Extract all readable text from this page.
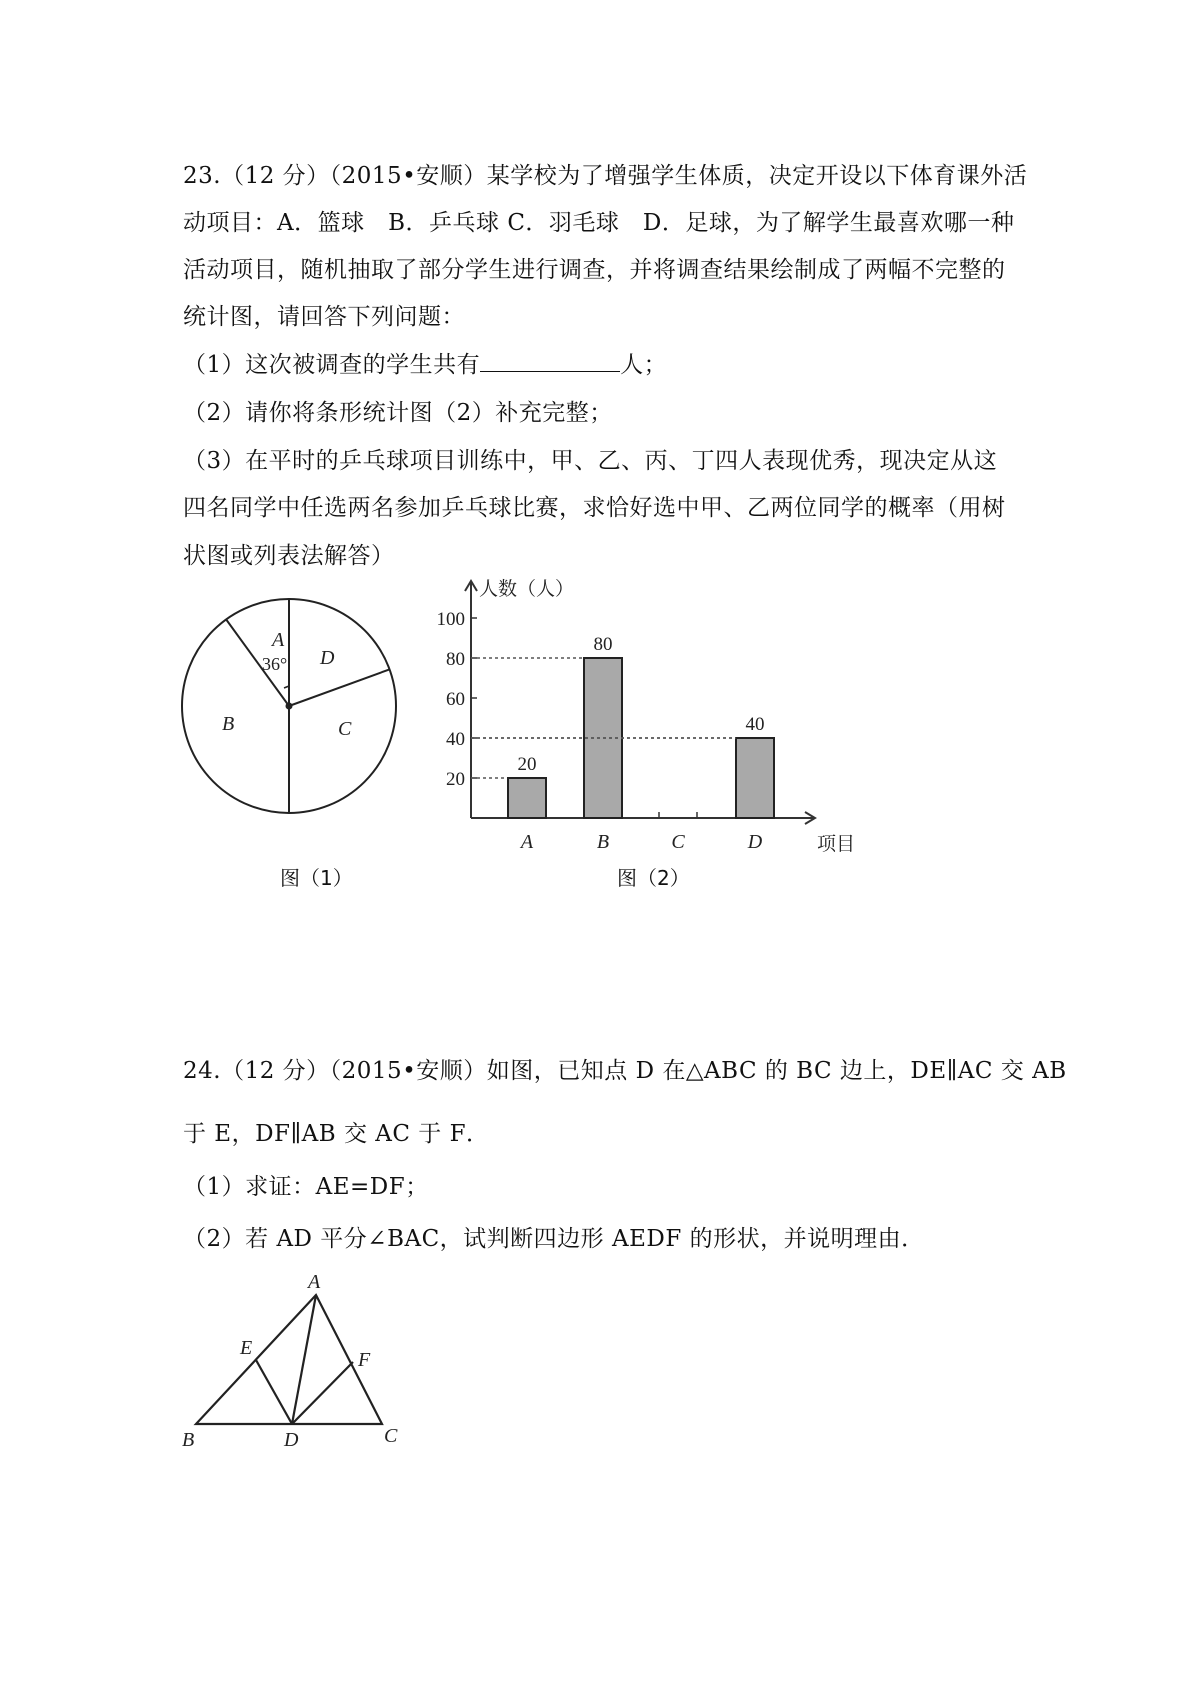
23.（12 分）（2015•安顺）某学校为了增强学生体质，决定开设以下体育课外活
动项目：A．篮球　B．乒乓球 C．羽毛球　D．足球，为了解学生最喜欢哪一种
活动项目，随机抽取了部分学生进行调查，并将调查结果绘制成了两幅不完整的
统计图，请回答下列问题：
（1）这次被调查的学生共有	人；
（2）请你将条形统计图（2）补充完整；
（3）在平时的乒乓球项目训练中，甲、乙、丙、丁四人表现优秀，现决定从这
四名同学中任选两名参加乒乓球比赛，求恰好选中甲、乙两位同学的概率（用树
状图或列表法解答）
A
B	C
D
36°
图（1）
人数（人）
项目
20
40
60
80
100
A
20
B
80
C	D
40
图（2）
24.（12 分）（2015•安顺）如图，已知点 D 在△ABC 的 BC 边上，DE∥AC 交 AB
于 E，DF∥AB 交 AC 于 F．
（1）求证：AE=DF；
（2）若 AD 平分∠BAC，试判断四边形 AEDF 的形状，并说明理由．
A
B	C
D
E
F
